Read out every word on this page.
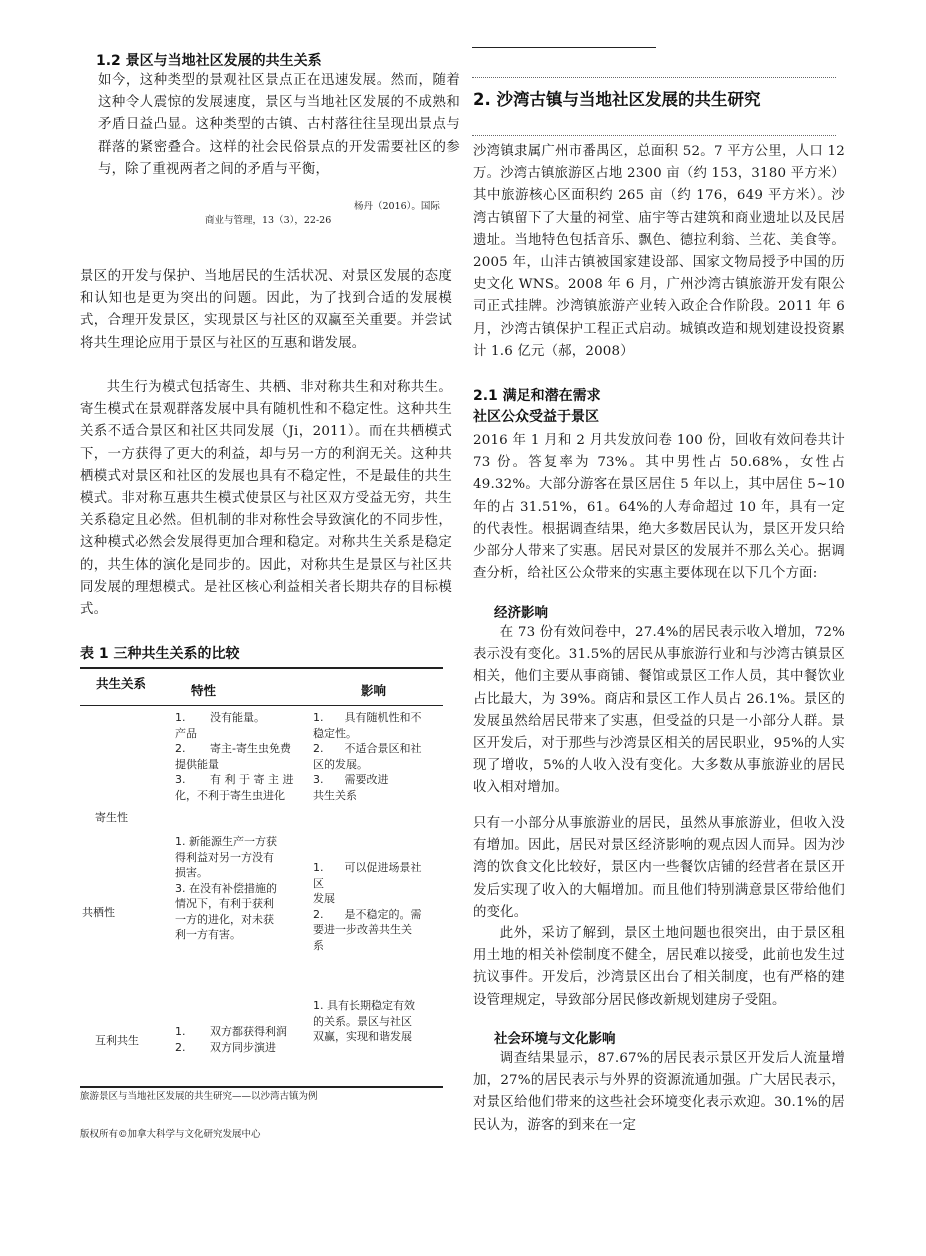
1.2 景区与当地社区发展的共生关系
如今，这种类型的景观社区景点正在迅速发展。然而，随着这种令人震惊的发展速度，景区与当地社区发展的不成熟和矛盾日益凸显。这种类型的古镇、古村落往往呈现出景点与群落的紧密叠合。这样的社会民俗景点的开发需要社区的参与，除了重视两者之间的矛盾与平衡，
杨丹（2016）。国际
商业与管理，13（3），22-26
景区的开发与保护、当地居民的生活状况、对景区发展的态度和认知也是更为突出的问题。因此，为了找到合适的发展模式，合理开发景区，实现景区与社区的双赢至关重要。并尝试将共生理论应用于景区与社区的互惠和谐发展。
共生行为模式包括寄生、共栖、非对称共生和对称共生。寄生模式在景观群落发展中具有随机性和不稳定性。这种共生关系不适合景区和社区共同发展（Ji，2011）。而在共栖模式下，一方获得了更大的利益，却与另一方的利润无关。这种共栖模式对景区和社区的发展也具有不稳定性，不是最佳的共生模式。非对称互惠共生模式使景区与社区双方受益无穷，共生关系稳定且必然。但机制的非对称性会导致演化的不同步性，这种模式必然会发展得更加合理和稳定。对称共生关系是稳定的，共生体的演化是同步的。因此，对称共生是景区与社区共同发展的理想模式。是社区核心利益相关者长期共存的目标模式。
表 1 三种共生关系的比较
共生关系	特性	影响
寄生性
1.       没有能量。
产品
2.       寄主-寄生虫免费
提供能量
3.       有 利 于 寄 主 进
化，不利于寄生虫进化
1.      具有随机性和不
稳定性。
2.      不适合景区和社
区的发展。
3.      需要改进
共生关系
共栖性
1. 新能源生产一方获
得利益对另一方没有
损害。
3. 在没有补偿措施的
情况下，有利于获利
一方的进化，对未获
利一方有害。
1.      可以促进场景社
区
发展
2.      是不稳定的。需
要进一步改善共生关
系
互利共生
1.       双方都获得利润
2.       双方同步演进
1. 具有长期稳定有效
的关系。景区与社区
双赢，实现和谐发展
旅游景区与当地社区发展的共生研究——以沙湾古镇为例
版权所有©加拿大科学与文化研究发展中心
2. 沙湾古镇与当地社区发展的共生研究
沙湾镇隶属广州市番禺区，总面积 52。7 平方公里，人口 12 万。沙湾古镇旅游区占地 2300 亩（约 153，3180 平方米）其中旅游核心区面积约 265 亩（约 176，649 平方米）。沙湾古镇留下了大量的祠堂、庙宇等古建筑和商业遗址以及民居遗址。当地特色包括音乐、飘色、德拉利翁、兰花、美食等。2005 年，山沣古镇被国家建设部、国家文物局授予中国的历史文化 WNS。2008 年 6 月，广州沙湾古镇旅游开发有限公司正式挂牌。沙湾镇旅游产业转入政企合作阶段。2011 年 6 月，沙湾古镇保护工程正式启动。城镇改造和规划建设投资累计 1.6 亿元（郝，2008）
2.1 满足和潜在需求
社区公众受益于景区
2016 年 1 月和 2 月共发放问卷 100 份，回收有效问卷共计 73 份。答复率为 73%。其中男性占 50.68%，女性占 49.32%。大部分游客在景区居住 5 年以上，其中居住 5~10 年的占 31.51%，61。64%的人寿命超过 10 年，具有一定的代表性。根据调查结果，绝大多数居民认为，景区开发只给少部分人带来了实惠。居民对景区的发展并不那么关心。据调查分析，给社区公众带来的实惠主要体现在以下几个方面:
经济影响
在 73 份有效问卷中，27.4%的居民表示收入增加，72%表示没有变化。31.5%的居民从事旅游行业和与沙湾古镇景区相关，他们主要从事商铺、餐馆或景区工作人员，其中餐饮业占比最大，为 39%。商店和景区工作人员占 26.1%。景区的发展虽然给居民带来了实惠，但受益的只是一小部分人群。景区开发后，对于那些与沙湾景区相关的居民职业，95%的人实现了增收，5%的人收入没有变化。大多数从事旅游业的居民收入相对增加。
只有一小部分从事旅游业的居民，虽然从事旅游业，但收入没有增加。因此，居民对景区经济影响的观点因人而异。因为沙湾的饮食文化比较好，景区内一些餐饮店铺的经营者在景区开发后实现了收入的大幅增加。而且他们特别满意景区带给他们的变化。
此外，采访了解到，景区土地问题也很突出，由于景区租用土地的相关补偿制度不健全，居民难以接受，此前也发生过抗议事件。开发后，沙湾景区出台了相关制度，也有严格的建设管理规定，导致部分居民修改新规划建房子受阻。
社会环境与文化影响
调查结果显示，87.67%的居民表示景区开发后人流量增加，27%的居民表示与外界的资源流通加强。广大居民表示，对景区给他们带来的这些社会环境变化表示欢迎。30.1%的居民认为，游客的到来在一定
